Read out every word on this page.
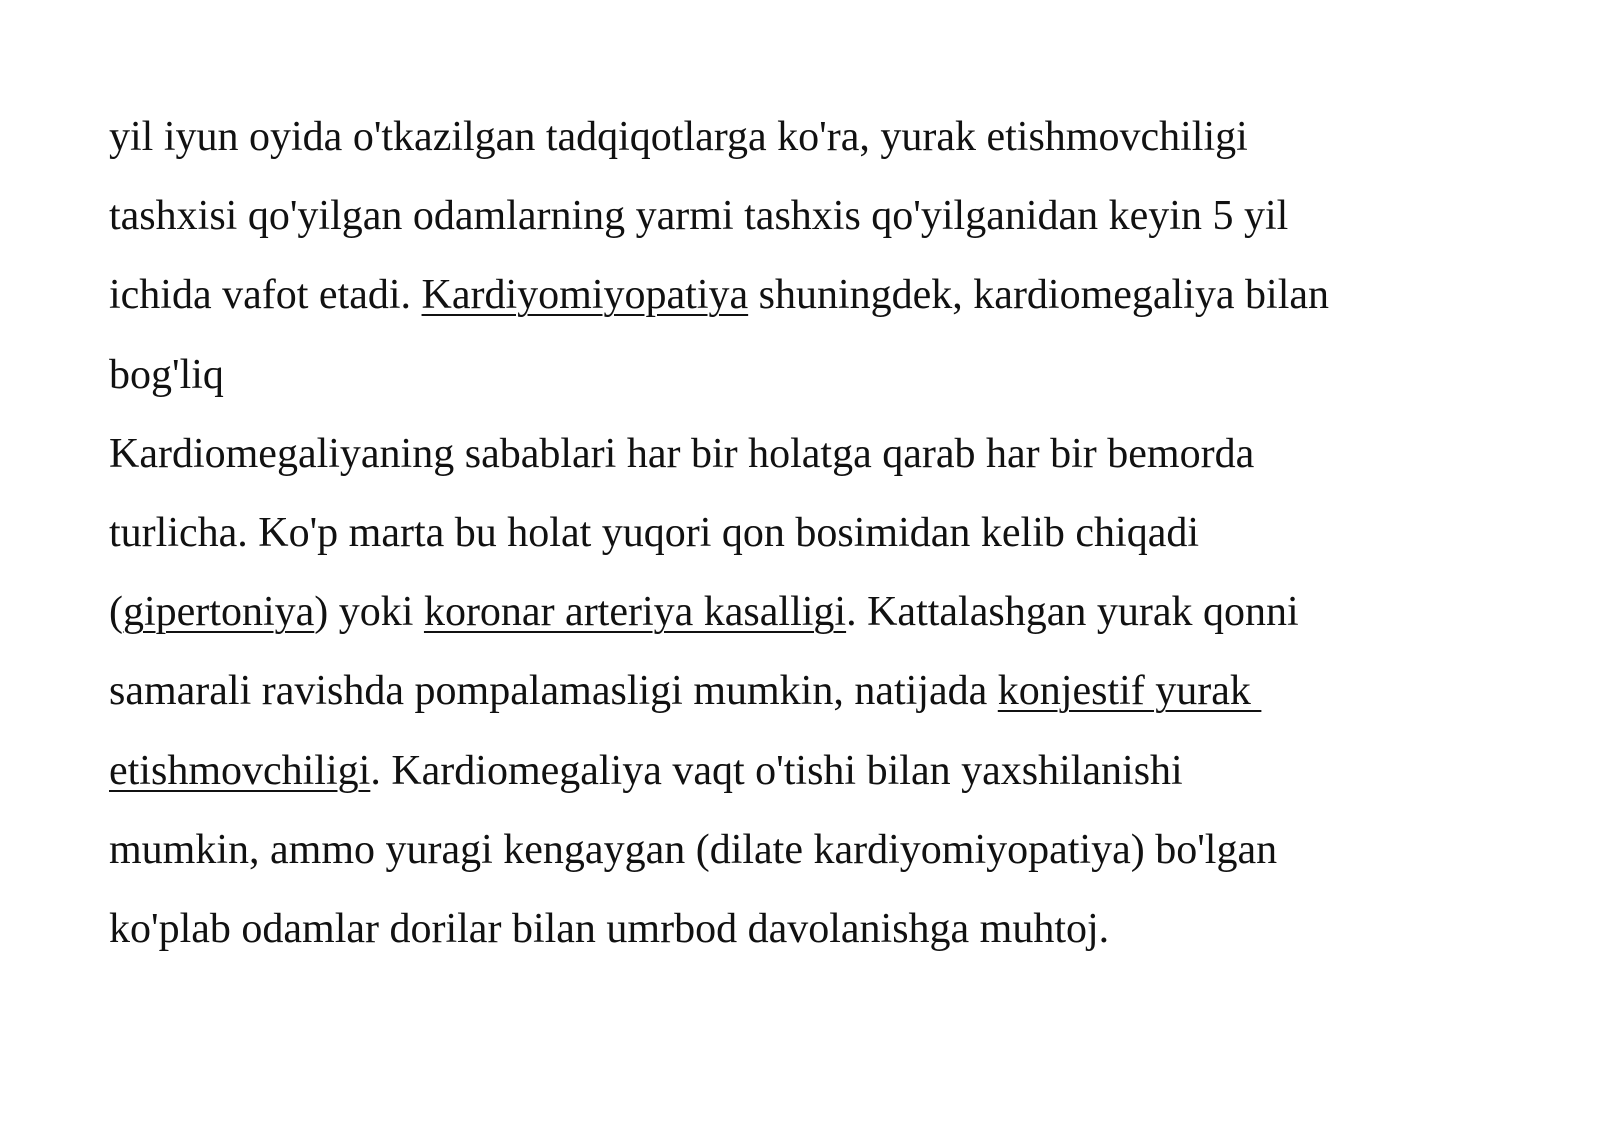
yil iyun oyida o'tkazilgan tadqiqotlarga ko'ra, yurak etishmovchiligi
tashxisi qo'yilgan odamlarning yarmi tashxis qo'yilganidan keyin 5 yil
ichida vafot etadi. Kardiyomiyopatiya shuningdek, kardiomegaliya bilan
bog'liq
Kardiomegaliyaning sabablari har bir holatga qarab har bir bemorda
turlicha. Ko'p marta bu holat yuqori qon bosimidan kelib chiqadi
(gipertoniya) yoki koronar arteriya kasalligi. Kattalashgan yurak qonni
samarali ravishda pompalamasligi mumkin, natijada konjestif yurak
etishmovchiligi. Kardiomegaliya vaqt o'tishi bilan yaxshilanishi
mumkin, ammo yuragi kengaygan (dilate kardiyomiyopatiya) bo'lgan
ko'plab odamlar dorilar bilan umrbod davolanishga muhtoj.
